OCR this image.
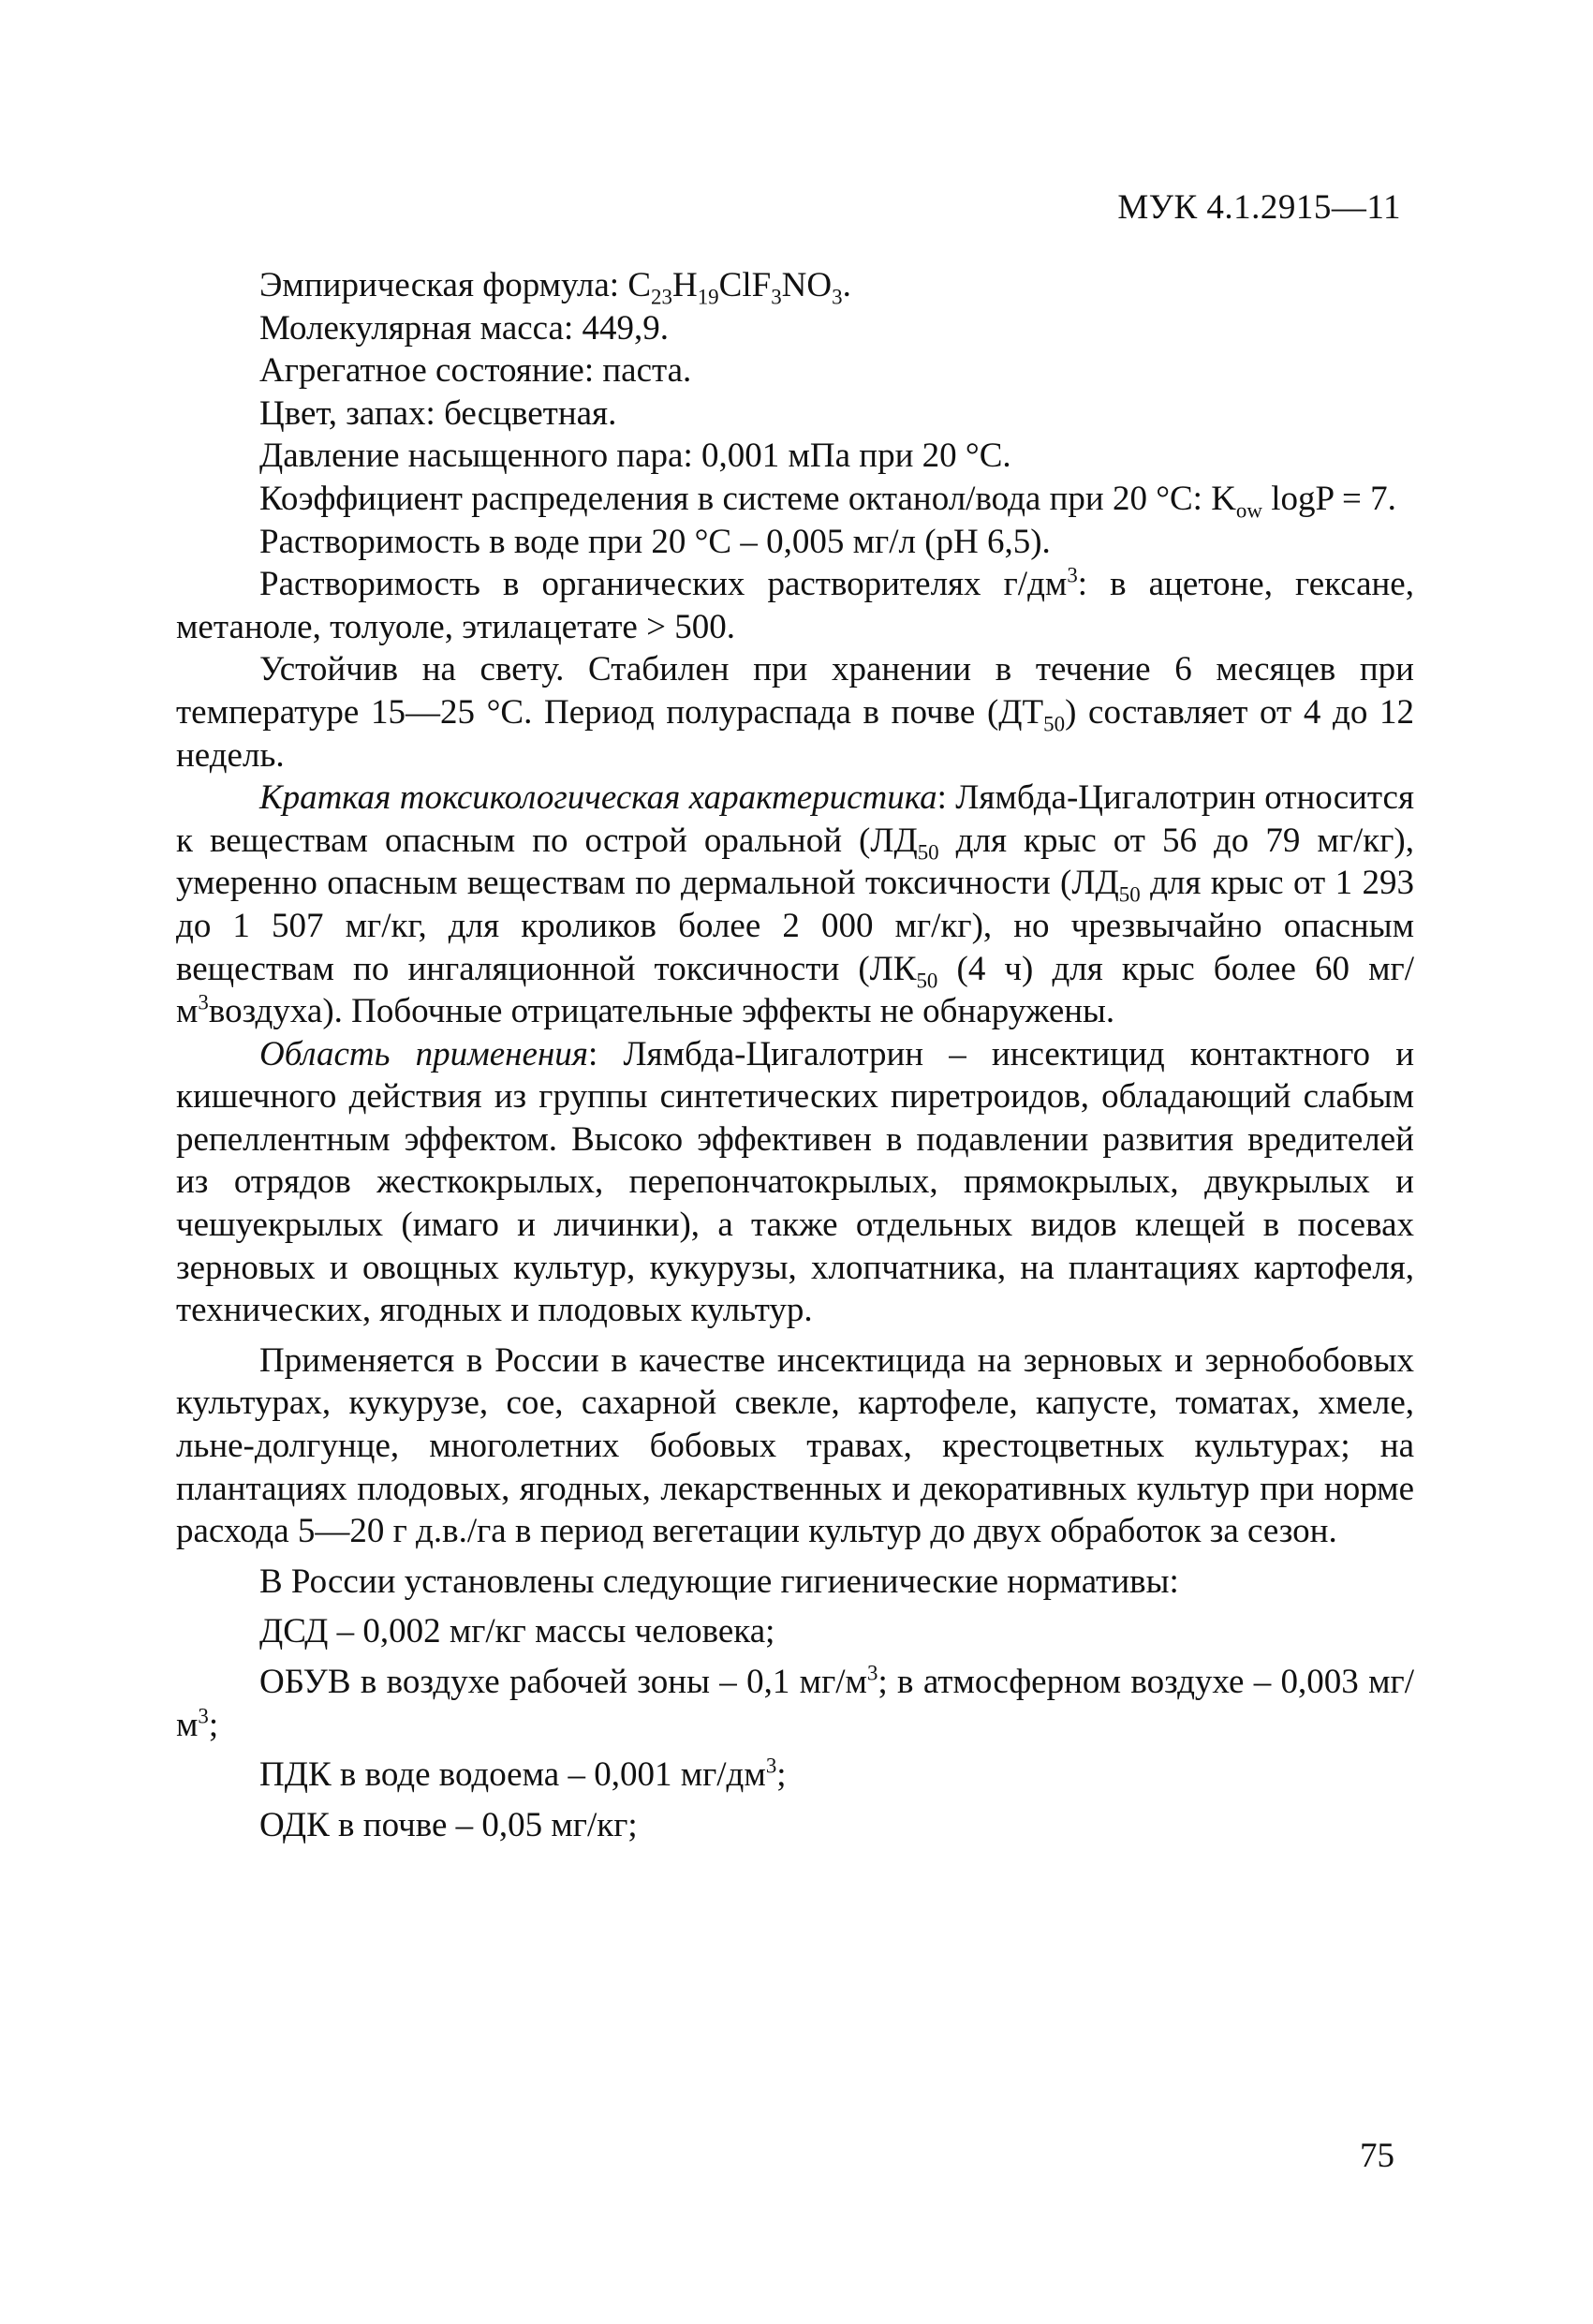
МУК 4.1.2915—11

Эмпирическая формула: $C_{23}H_{19}ClF_3NO_3$.

Молекулярная масса: 449,9.

Агрегатное состояние: паста.

Цвет, запах: бесцветная.

Давление насыщенного пара: 0,001 мПа при 20 °С.

Коэффициент распределения в системе октанол/вода при 20 °С: $K_{ow}$ logP = 7.

Растворимость в воде при 20 °С – 0,005 мг/л (pH 6,5).

Растворимость в органических растворителях $г/дм^3$: в ацетоне, гексане, метаноле, толуоле, этилацетате > 500.

Устойчив на свету. Стабилен при хранении в течение 6 месяцев при температуре 15—25 °С. Период полураспада в почве $(ДТ_{50})$ составляет от 4 до 12 недель.

Краткая токсикологическая характеристика: Лямбда-Цигалотрин относится к веществам опасным по острой оральной ($ЛД_{50}$ для крыс от 56 до 79 мг/кг), умеренно опасным веществам по дермальной токсичности ($ЛД_{50}$ для крыс от 1 293 до 1 507 мг/кг, для кроликов более 2 000 мг/кг), но чрезвычайно опасным веществам по ингаляционной токсичности ($ЛК_{50}$ (4 ч) для крыс более 60 $мг/м^3воздуха$). Побочные отрицательные эффекты не обнаружены.

Область применения: Лямбда-Цигалотрин – инсектицид контактного и кишечного действия из группы синтетических пиретроидов, обладающий слабым репеллентным эффектом. Высоко эффективен в подавлении развития вредителей из отрядов жесткокрылых, перепончатокрылых, прямокрылых, двукрылых и чешуекрылых (имаго и личинки), а также отдельных видов клещей в посевах зерновых и овощных культур, кукурузы, хлопчатника, на плантациях картофеля, технических, ягодных и плодовых культур.

Применяется в России в качестве инсектицида на зерновых и зернобобовых культурах, кукурузе, сое, сахарной свекле, картофеле, капусте, томатах, хмеле, льне-долгунце, многолетних бобовых травах, крестоцветных культурах; на плантациях плодовых, ягодных, лекарственных и декоративных культур при норме расхода 5—20 г д.в./га в период вегетации культур до двух обработок за сезон.

В России установлены следующие гигиенические нормативы:

ДСД – 0,002 мг/кг массы человека;

ОБУВ в воздухе рабочей зоны – 0,1 $мг/м^3$; в атмосферном воздухе – 0,003 $мг/м^3$;

ПДК в воде водоема – 0,001 $мг/дм^3$;

ОДК в почве – 0,05 мг/кг;

75
